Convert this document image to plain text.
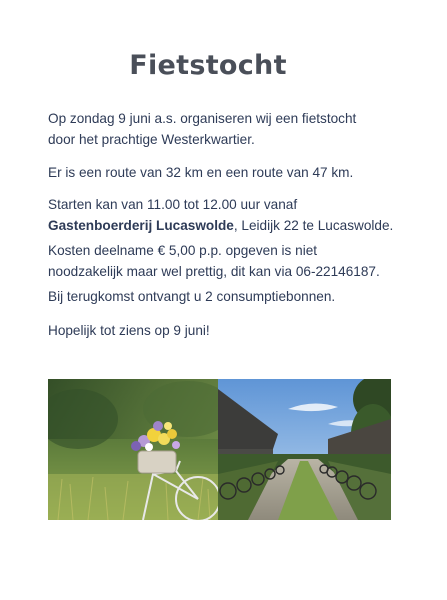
Fietstocht

Op zondag 9 juni a.s. organiseren wij een fietstocht
door het prachtige Westerkwartier.

Er is een route van 32 km en een route van 47 km.

Starten kan van 11.00 tot 12.00 uur vanaf
Gastenboerderij Lucaswolde, Leidijk 22 te Lucaswolde.

Kosten deelname € 5,00 p.p. opgeven is niet
noodzakelijk maar wel prettig, dit kan via 06-22146187.

Bij terugkomst ontvangt u 2 consumptiebonnen.

Hopelijk tot ziens op 9 juni!
